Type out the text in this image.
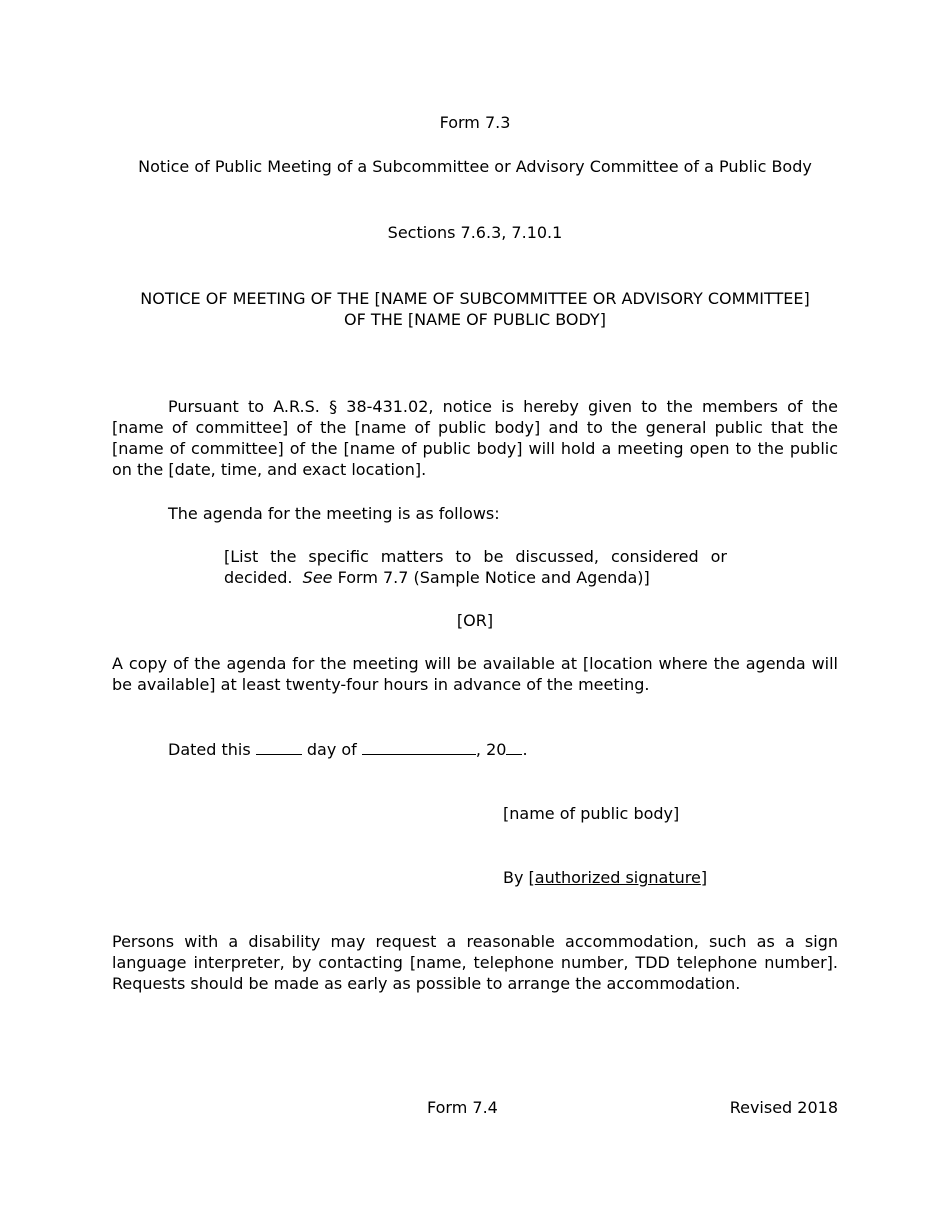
Form 7.3
Notice of Public Meeting of a Subcommittee or Advisory Committee of a Public Body
Sections 7.6.3, 7.10.1
NOTICE OF MEETING OF THE [NAME OF SUBCOMMITTEE OR ADVISORY COMMITTEE] OF THE [NAME OF PUBLIC BODY]
Pursuant to A.R.S. § 38-431.02, notice is hereby given to the members of the [name of committee] of the [name of public body] and to the general public that the [name of committee] of the [name of public body] will hold a meeting open to the public on the [date, time, and exact location].
The agenda for the meeting is as follows:
[List the specific matters to be discussed, considered or decided. See Form 7.7 (Sample Notice and Agenda)]
[OR]
A copy of the agenda for the meeting will be available at [location where the agenda will be available] at least twenty-four hours in advance of the meeting.
Dated this	day of	, 20 .
[name of public body]
By [authorized signature]
Persons with a disability may request a reasonable accommodation, such as a sign language interpreter, by contacting [name, telephone number, TDD telephone number]. Requests should be made as early as possible to arrange the accommodation.
Form 7.4	Revised 2018
